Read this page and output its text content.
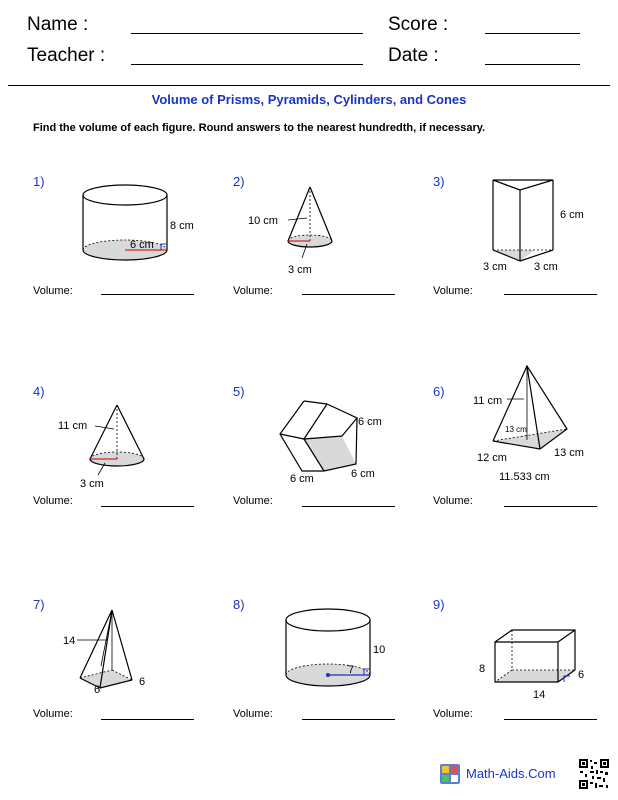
Name :	Score :
Teacher :	Date :
Volume of Prisms, Pyramids, Cylinders, and Cones
Find the volume of each figure. Round answers to the nearest hundredth, if necessary.
1)	2)	3)
4)	5)	6)
7)	8)	9)
Volume:	Volume:	Volume:
Volume:	Volume:	Volume:
Volume:	Volume:	Volume:
8 cm
6 cm
10 cm
3 cm
6 cm
3 cm 3 cm
11 cm
3 cm
6 cm
6 cm	6 cm
11 cm
13 cm
12 cm	13 cm
11.533 cm
14
6
6
10
7	8	6
14
Math-Aids.Com
